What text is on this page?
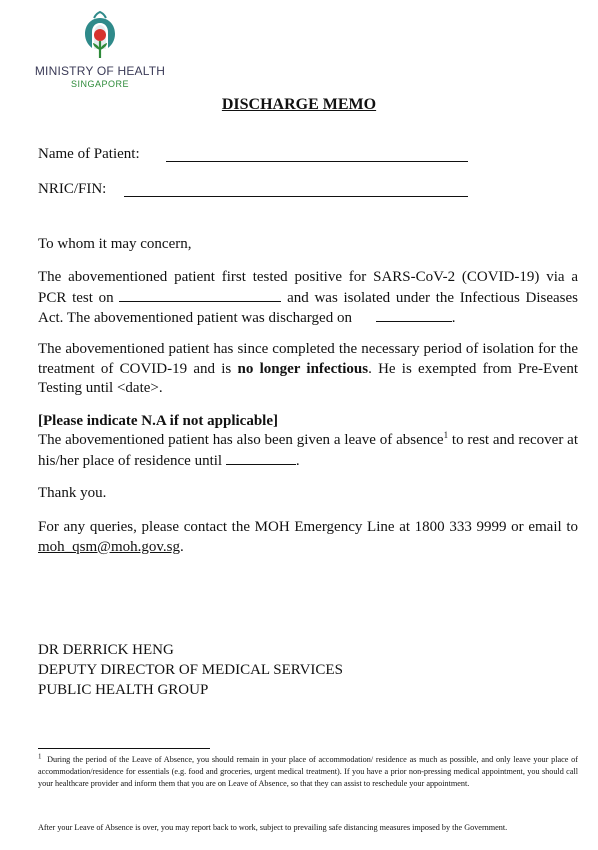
MINISTRY OF HEALTH
SINGAPORE
DISCHARGE MEMO
Name of Patient:
NRIC/FIN:
To whom it may concern,
The abovementioned patient first tested positive for SARS-CoV-2 (COVID-19) via a PCR test on	and was isolated under the Infectious Diseases Act. The abovementioned patient was discharged on	.
The abovementioned patient has since completed the necessary period of isolation for the treatment of COVID-19 and is no longer infectious. He is exempted from Pre-Event Testing until <date>.
[Please indicate N.A if not applicable]
The abovementioned patient has also been given a leave of absence$^1$ to rest and recover at his/her place of residence until	.
Thank you.
For any queries, please contact the MOH Emergency Line at 1800 333 9999 or email to moh_qsm@moh.gov.sg.
DR DERRICK HENG
DEPUTY DIRECTOR OF MEDICAL SERVICES
PUBLIC HEALTH GROUP
$^1$ During the period of the Leave of Absence, you should remain in your place of accommodation/ residence as much as possible, and only leave your place of accommodation/residence for essentials (e.g. food and groceries, urgent medical treatment). If you have a prior non-pressing medical appointment, you should call your healthcare provider and inform them that you are on Leave of Absence, so that they can assist to reschedule your appointment.
After your Leave of Absence is over, you may report back to work, subject to prevailing safe distancing measures imposed by the Government.
